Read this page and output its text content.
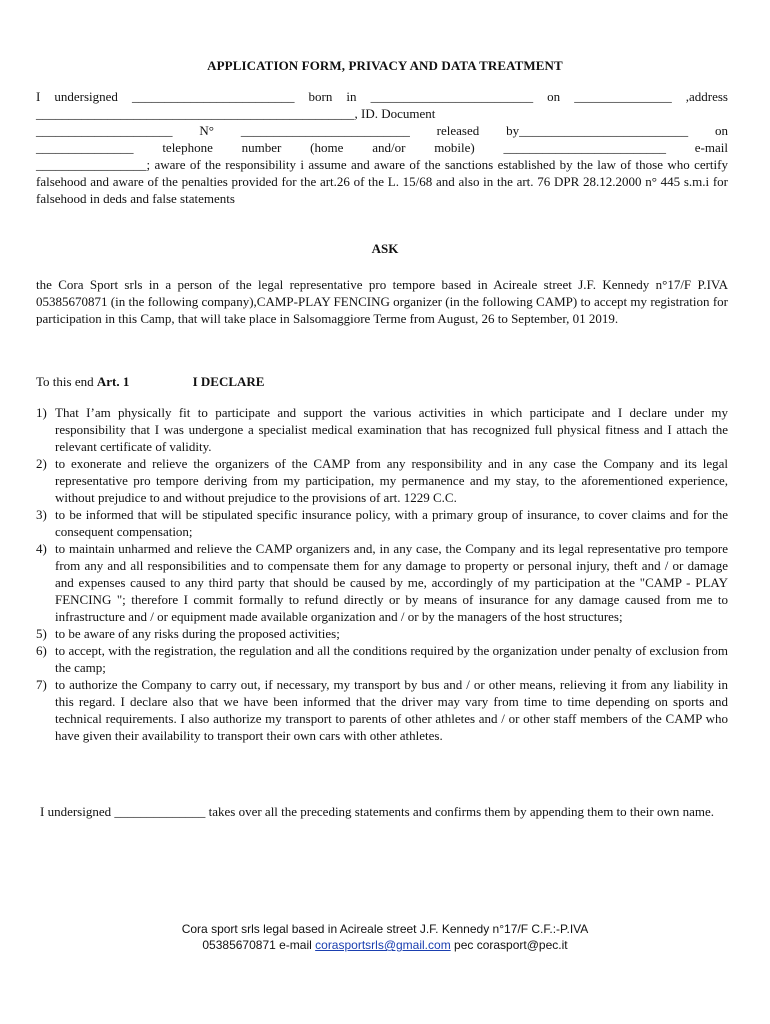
APPLICATION FORM, PRIVACY AND DATA TREATMENT

I undersigned _________________________ born in _________________________ on _______________ ,address

_________________________________________________, ID. Document

_____________________ N° __________________________ released by__________________________ on

_______________ telephone number (home and/or mobile) _________________________ e-mail

_________________; aware of the responsibility i assume and aware of the sanctions established by the law of those who certify falsehood and aware of the penalties provided for the art.26 of the L. 15/68 and also in the art. 76 DPR 28.12.2000 n° 445 s.m.i for falsehood in deds and false statements

ASK
the Cora Sport srls in a person of the legal representative pro tempore based in Acireale street J.F. Kennedy n°17/F P.IVA 05385670871 (in the following company),CAMP-PLAY FENCING organizer (in the following CAMP) to accept my registration for participation in this Camp, that will take place in Salsomaggiore Terme from August, 26 to September, 01 2019.
To this end Art. 1	I DECLARE
1) That I’am physically fit to participate and support the various activities in which participate and I declare under my responsibility that I was undergone a specialist medical examination that has recognized full physical fitness and I attach the relevant certificate of validity.
2) to exonerate and relieve the organizers of the CAMP from any responsibility and in any case the Company and its legal representative pro tempore deriving from my participation, my permanence and my stay, to the aforementioned experience, without prejudice to and without prejudice to the provisions of art. 1229 C.C.
3) to be informed that will be stipulated specific insurance policy, with a primary group of insurance, to cover claims and for the consequent compensation;
4) to maintain unharmed and relieve the CAMP organizers and, in any case, the Company and its legal representative pro tempore from any and all responsibilities and to compensate them for any damage to property or personal injury, theft and / or damage and expenses caused to any third party that should be caused by me, accordingly of my participation at the "CAMP - PLAY FENCING "; therefore I commit formally to refund directly or by means of insurance for any damage caused from me to infrastructure and / or equipment made available organization and / or by the managers of the host structures;
5) to be aware of any risks during the proposed activities;
6) to accept, with the registration, the regulation and all the conditions required by the organization under penalty of exclusion from the camp;
7) to authorize the Company to carry out, if necessary, my transport by bus and / or other means, relieving it from any liability in this regard. I declare also that we have been informed that the driver may vary from time to time depending on sports and technical requirements. I also authorize my transport to parents of other athletes and / or other staff members of the CAMP who have given their availability to transport their own cars with other athletes.
I undersigned ______________ takes over all the preceding statements and confirms them by appending them to their own name.
Cora sport srls legal based in Acireale street J.F. Kennedy n°17/F C.F.:-P.IVA
05385670871 e-mail corasportsrls@gmail.com pec corasport@pec.it
